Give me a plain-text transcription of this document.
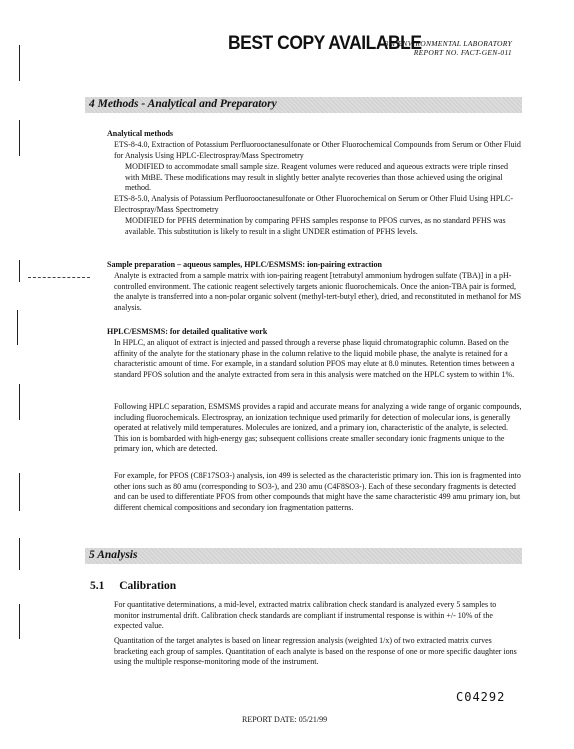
BEST COPY AVAILABLE
3M ENVIRONMENTAL LABORATORY
REPORT NO. FACT-GEN-011
4 Methods - Analytical and Preparatory
Analytical methods
ETS-8-4.0, Extraction of Potassium Perfluorooctanesulfonate or Other Fluorochemical Compounds from Serum or Other Fluid for Analysis Using HPLC-Electrospray/Mass Spectrometry
MODIFIED to accommodate small sample size. Reagent volumes were reduced and aqueous extracts were triple rinsed with MtBE. These modifications may result in slightly better analyte recoveries than those achieved using the original method.
ETS-8-5.0, Analysis of Potassium Perfluorooctanesulfonate or Other Fluorochemical on Serum or Other Fluid Using HPLC-Electrospray/Mass Spectrometry
MODIFIED for PFHS determination by comparing PFHS samples response to PFOS curves, as no standard PFHS was available. This substitution is likely to result in a slight UNDER estimation of PFHS levels.
Sample preparation – aqueous samples, HPLC/ESMSMS: ion-pairing extraction
Analyte is extracted from a sample matrix with ion-pairing reagent [tetrabutyl ammonium hydrogen sulfate (TBA)] in a pH-controlled environment. The cationic reagent selectively targets anionic fluorochemicals. Once the anion-TBA pair is formed, the analyte is transferred into a non-polar organic solvent (methyl-tert-butyl ether), dried, and reconstituted in methanol for MS analysis.
HPLC/ESMSMS: for detailed qualitative work
In HPLC, an aliquot of extract is injected and passed through a reverse phase liquid chromatographic column. Based on the affinity of the analyte for the stationary phase in the column relative to the liquid mobile phase, the analyte is retained for a characteristic amount of time. For example, in a standard solution PFOS may elute at 8.0 minutes. Retention times between a standard PFOS solution and the analyte extracted from sera in this analysis were matched on the HPLC system to within 1%.
Following HPLC separation, ESMSMS provides a rapid and accurate means for analyzing a wide range of organic compounds, including fluorochemicals. Electrospray, an ionization technique used primarily for detection of molecular ions, is generally operated at relatively mild temperatures. Molecules are ionized, and a primary ion, characteristic of the analyte, is selected. This ion is bombarded with high-energy gas; subsequent collisions create smaller secondary ionic fragments unique to the primary ion, which are detected.
For example, for PFOS (C8F17SO3-) analysis, ion 499 is selected as the characteristic primary ion. This ion is fragmented into other ions such as 80 amu (corresponding to SO3-), and 230 amu (C4F8SO3-). Each of these secondary fragments is detected and can be used to differentiate PFOS from other compounds that might have the same characteristic 499 amu primary ion, but different chemical compositions and secondary ion fragmentation patterns.
5 Analysis
5.1 Calibration
For quantitative determinations, a mid-level, extracted matrix calibration check standard is analyzed every 5 samples to monitor instrumental drift. Calibration check standards are compliant if instrumental response is within +/- 10% of the expected value.
Quantitation of the target analytes is based on linear regression analysis (weighted 1/x) of two extracted matrix curves bracketing each group of samples. Quantitation of each analyte is based on the response of one or more specific daughter ions using the multiple response-monitoring mode of the instrument.
C04292
REPORT DATE: 05/21/99
